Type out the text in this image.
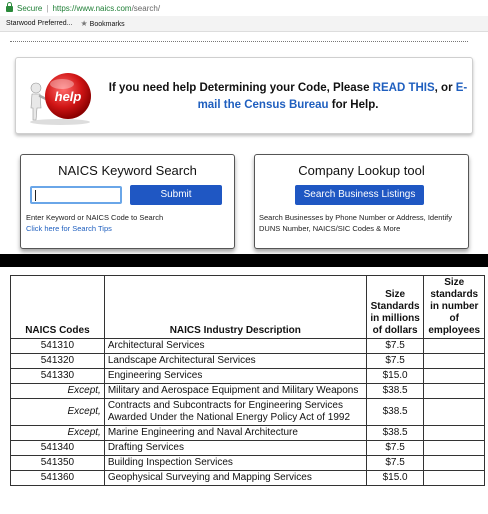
Secure | https://www.naics.com/search/
Starwood Preferred... ★ Bookmarks
help
If you need help Determining your Code, Please READ THIS, or E-mail the Census Bureau for Help.
NAICS Keyword Search
Submit
Enter Keyword or NAICS Code to Search
Click here for Search Tips
Company Lookup tool
Search Business Listings
Search Businesses by Phone Number or Address, Identify DUNS Number, NAICS/SIC Codes & More
NAICS Codes	NAICS Industry Description	Size Standards in millions of dollars	Size standards in number of employees
541310	Architectural Services	$7.5	
541320	Landscape Architectural Services	$7.5	
541330	Engineering Services	$15.0	
Except,	Military and Aerospace Equipment and Military Weapons	$38.5	
Except,	Contracts and Subcontracts for Engineering Services Awarded Under the National Energy Policy Act of 1992	$38.5	
Except,	Marine Engineering and Naval Architecture	$38.5	
541340	Drafting Services	$7.5	
541350	Building Inspection Services	$7.5	
541360	Geophysical Surveying and Mapping Services	$15.0	
